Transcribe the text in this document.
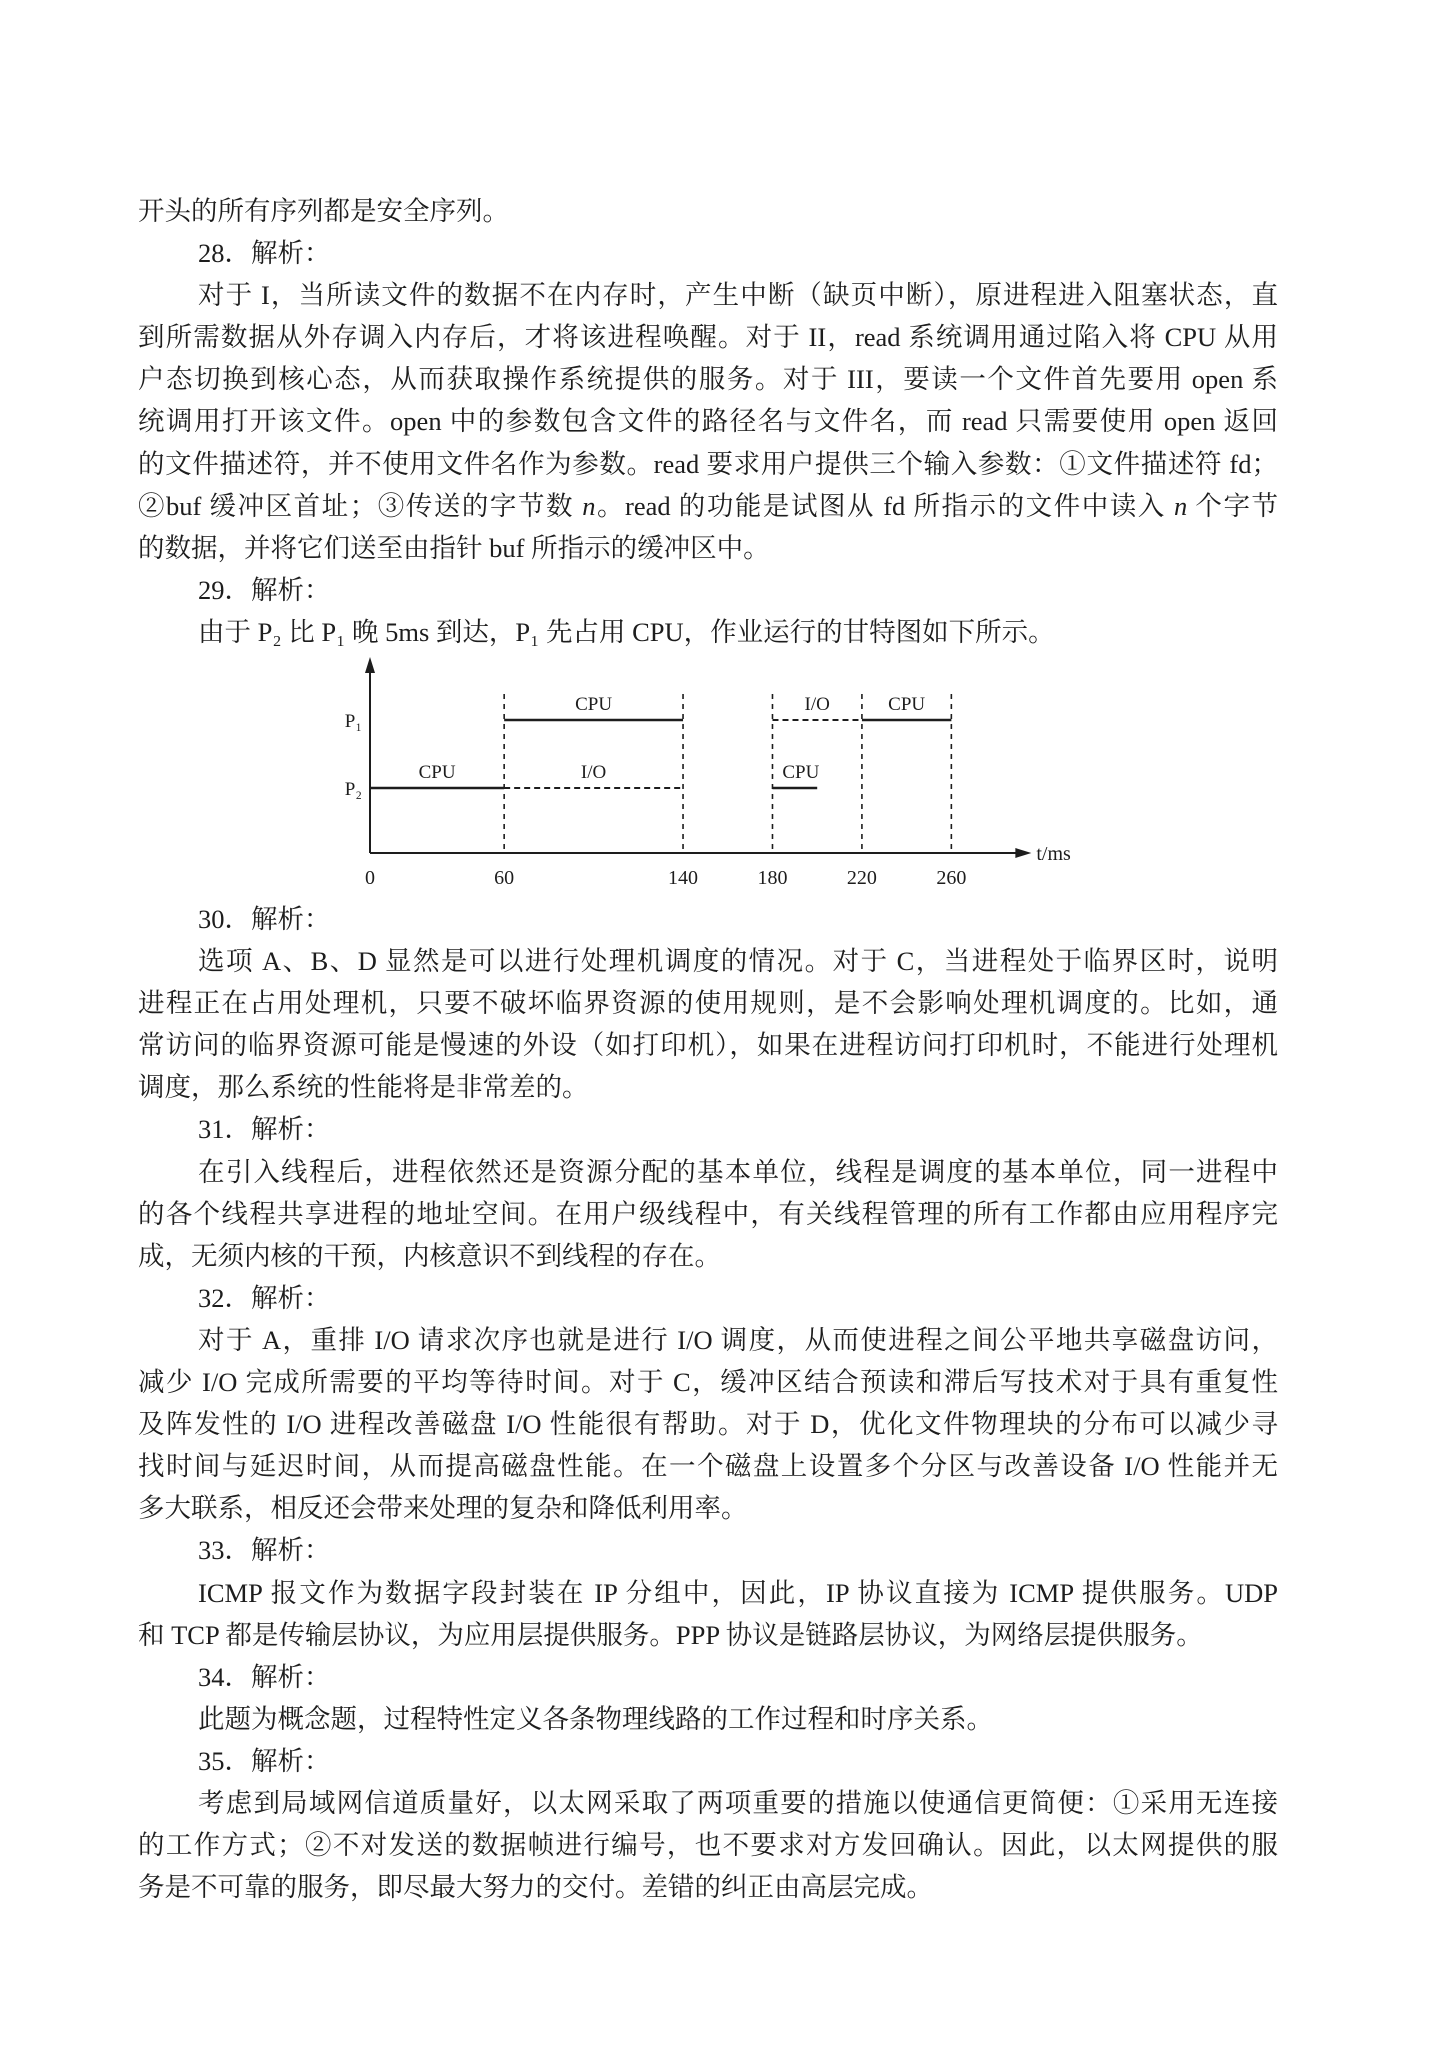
开头的所有序列都是安全序列。
28．解析：
对于 I，当所读文件的数据不在内存时，产生中断（缺页中断），原进程进入阻塞状态，直
到所需数据从外存调入内存后，才将该进程唤醒。对于 II，read 系统调用通过陷入将 CPU 从用
户态切换到核心态，从而获取操作系统提供的服务。对于 III，要读一个文件首先要用 open 系
统调用打开该文件。open 中的参数包含文件的路径名与文件名，而 read 只需要使用 open 返回
的文件描述符，并不使用文件名作为参数。read 要求用户提供三个输入参数：①文件描述符 fd；
②buf 缓冲区首址；③传送的字节数 n。read 的功能是试图从 fd 所指示的文件中读入 n 个字节
的数据，并将它们送至由指针 buf 所指示的缓冲区中。
29．解析：
由于 P₂ 比 P₁ 晚 5ms 到达，P₁ 先占用 CPU，作业运行的甘特图如下所示。
t/ms
0	60	140	180	220	260
P₁
P₂
CPU	I/O	CPU
CPU	I/O	CPU
30．解析：
选项 A、B、D 显然是可以进行处理机调度的情况。对于 C，当进程处于临界区时，说明
进程正在占用处理机，只要不破坏临界资源的使用规则，是不会影响处理机调度的。比如，通
常访问的临界资源可能是慢速的外设（如打印机），如果在进程访问打印机时，不能进行处理机
调度，那么系统的性能将是非常差的。
31．解析：
在引入线程后，进程依然还是资源分配的基本单位，线程是调度的基本单位，同一进程中
的各个线程共享进程的地址空间。在用户级线程中，有关线程管理的所有工作都由应用程序完
成，无须内核的干预，内核意识不到线程的存在。
32．解析：
对于 A，重排 I/O 请求次序也就是进行 I/O 调度，从而使进程之间公平地共享磁盘访问，
减少 I/O 完成所需要的平均等待时间。对于 C，缓冲区结合预读和滞后写技术对于具有重复性
及阵发性的 I/O 进程改善磁盘 I/O 性能很有帮助。对于 D，优化文件物理块的分布可以减少寻
找时间与延迟时间，从而提高磁盘性能。在一个磁盘上设置多个分区与改善设备 I/O 性能并无
多大联系，相反还会带来处理的复杂和降低利用率。
33．解析：
ICMP 报文作为数据字段封装在 IP 分组中，因此，IP 协议直接为 ICMP 提供服务。UDP
和 TCP 都是传输层协议，为应用层提供服务。PPP 协议是链路层协议，为网络层提供服务。
34．解析：
此题为概念题，过程特性定义各条物理线路的工作过程和时序关系。
35．解析：
考虑到局域网信道质量好，以太网采取了两项重要的措施以使通信更简便：①采用无连接
的工作方式；②不对发送的数据帧进行编号，也不要求对方发回确认。因此，以太网提供的服
务是不可靠的服务，即尽最大努力的交付。差错的纠正由高层完成。
